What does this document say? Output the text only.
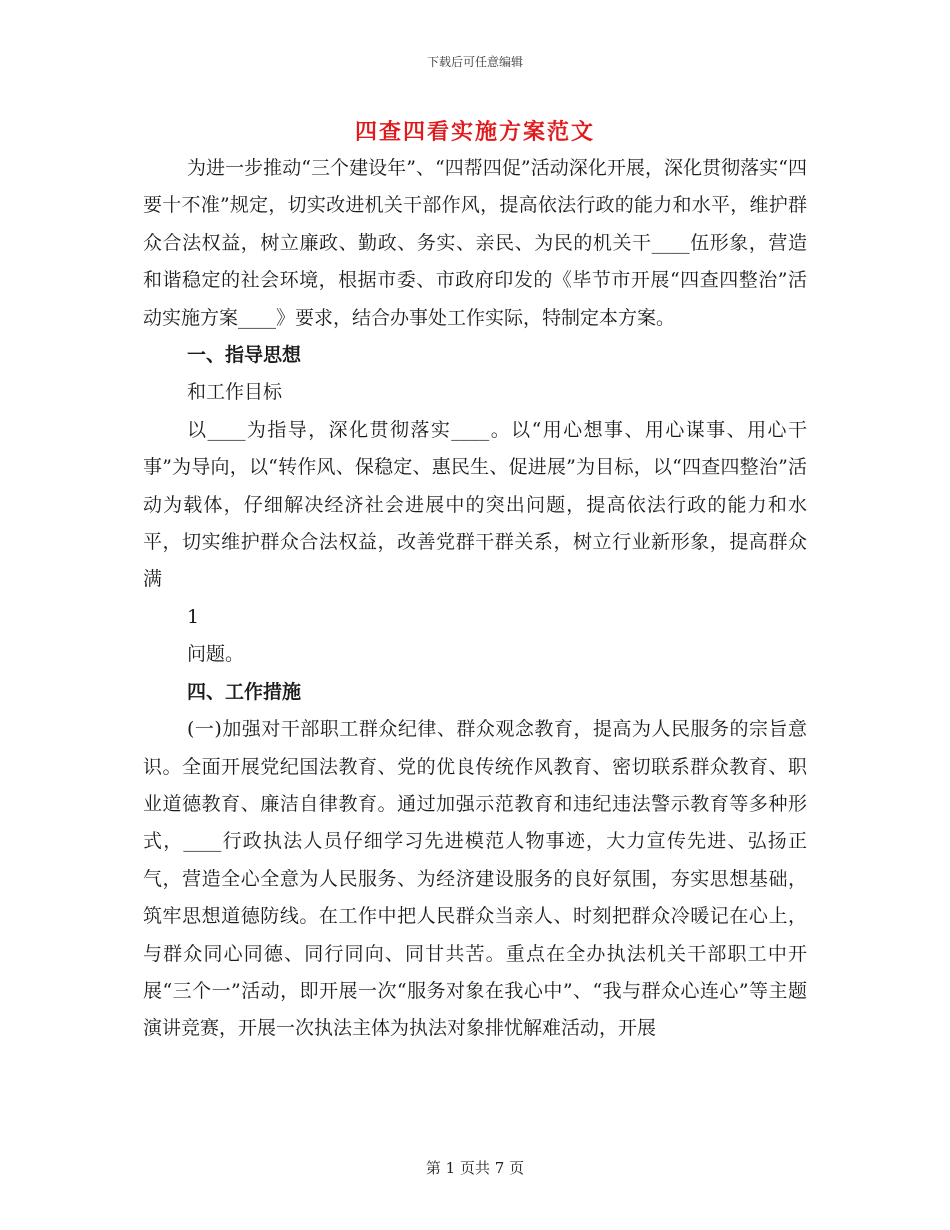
下载后可任意编辑
四查四看实施方案范文

为进一步推动“三个建设年”、“四帮四促”活动深化开展，深化贯彻落实“四要十不准”规定，切实改进机关干部作风，提高依法行政的能力和水平，维护群众合法权益，树立廉政、勤政、务实、亲民、为民的机关干____伍形象，营造和谐稳定的社会环境，根据市委、市政府印发的《毕节市开展“四查四整治”活动实施方案____》要求，结合办事处工作实际，特制定本方案。

一、指导思想

和工作目标

以____为指导，深化贯彻落实____。以“用心想事、用心谋事、用心干事”为导向，以“转作风、保稳定、惠民生、促进展”为目标，以“四查四整治”活动为载体，仔细解决经济社会进展中的突出问题，提高依法行政的能力和水平，切实维护群众合法权益，改善党群干群关系，树立行业新形象，提高群众满

1

问题。

四、工作措施

(一)加强对干部职工群众纪律、群众观念教育，提高为人民服务的宗旨意识。全面开展党纪国法教育、党的优良传统作风教育、密切联系群众教育、职业道德教育、廉洁自律教育。通过加强示范教育和违纪违法警示教育等多种形式，____行政执法人员仔细学习先进模范人物事迹，大力宣传先进、弘扬正气，营造全心全意为人民服务、为经济建设服务的良好氛围，夯实思想基础，筑牢思想道德防线。在工作中把人民群众当亲人、时刻把群众冷暖记在心上，与群众同心同德、同行同向、同甘共苦。重点在全办执法机关干部职工中开展“三个一”活动，即开展一次“服务对象在我心中”、“我与群众心连心”等主题演讲竞赛，开展一次执法主体为执法对象排忧解难活动，开展

第 1 页共 7 页
